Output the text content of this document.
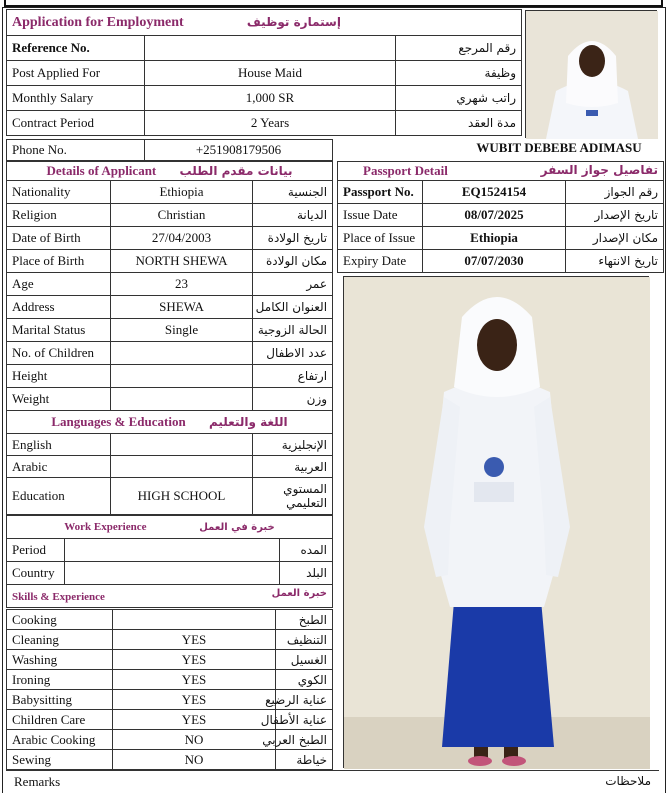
Application for Employment إستمارة توظيف		
Reference No.		رقم المرجع
Post Applied For	House Maid	وظيفة
Monthly Salary	1,000 SR	راتب شهري
Contract Period	2 Years	مدة العقد
Phone No.	+251908179506	WUBIT DEBEBE ADIMASU
Details of Applicant بيانات مقدم الطلب		
Nationality	Ethiopia	الجنسية
Religion	Christian	الديانة
Date of Birth	27/04/2003	تاريخ الولادة
Place of Birth	NORTH SHEWA	مكان الولادة
Age	23	عمر
Address	SHEWA	العنوان الكامل
Marital Status	Single	الحالة الزوجية
No. of Children		عدد الاطفال
Height		ارتفاع
Weight		وزن
Languages & Education اللغة والتعليم		
English		الإنجليزية
Arabic		العربية
Education	HIGH SCHOOL	المستوي التعليمي
Work Experience خبرة في العمل		
Period		المده
Country		البلد
Skills & Experience خبرة العمل		
Cooking		الطبخ
Cleaning	YES	التنظيف
Washing	YES	الغسيل
Ironing	YES	الكوي
Babysitting	YES	عناية الرضيع
Children Care	YES	عناية الأطفال
Arabic Cooking	NO	الطبخ العربي
Sewing	NO	خياطة
Passport Detail تفاصيل جواز السفر		

Passport No.	EQ1524154	رقم الجواز
Issue Date	08/07/2025	تاريخ الإصدار
Place of Issue	Ethiopia	مكان الإصدار
Expiry Date	07/07/2030	تاريخ الانتهاء
Remarks	ملاحظات
